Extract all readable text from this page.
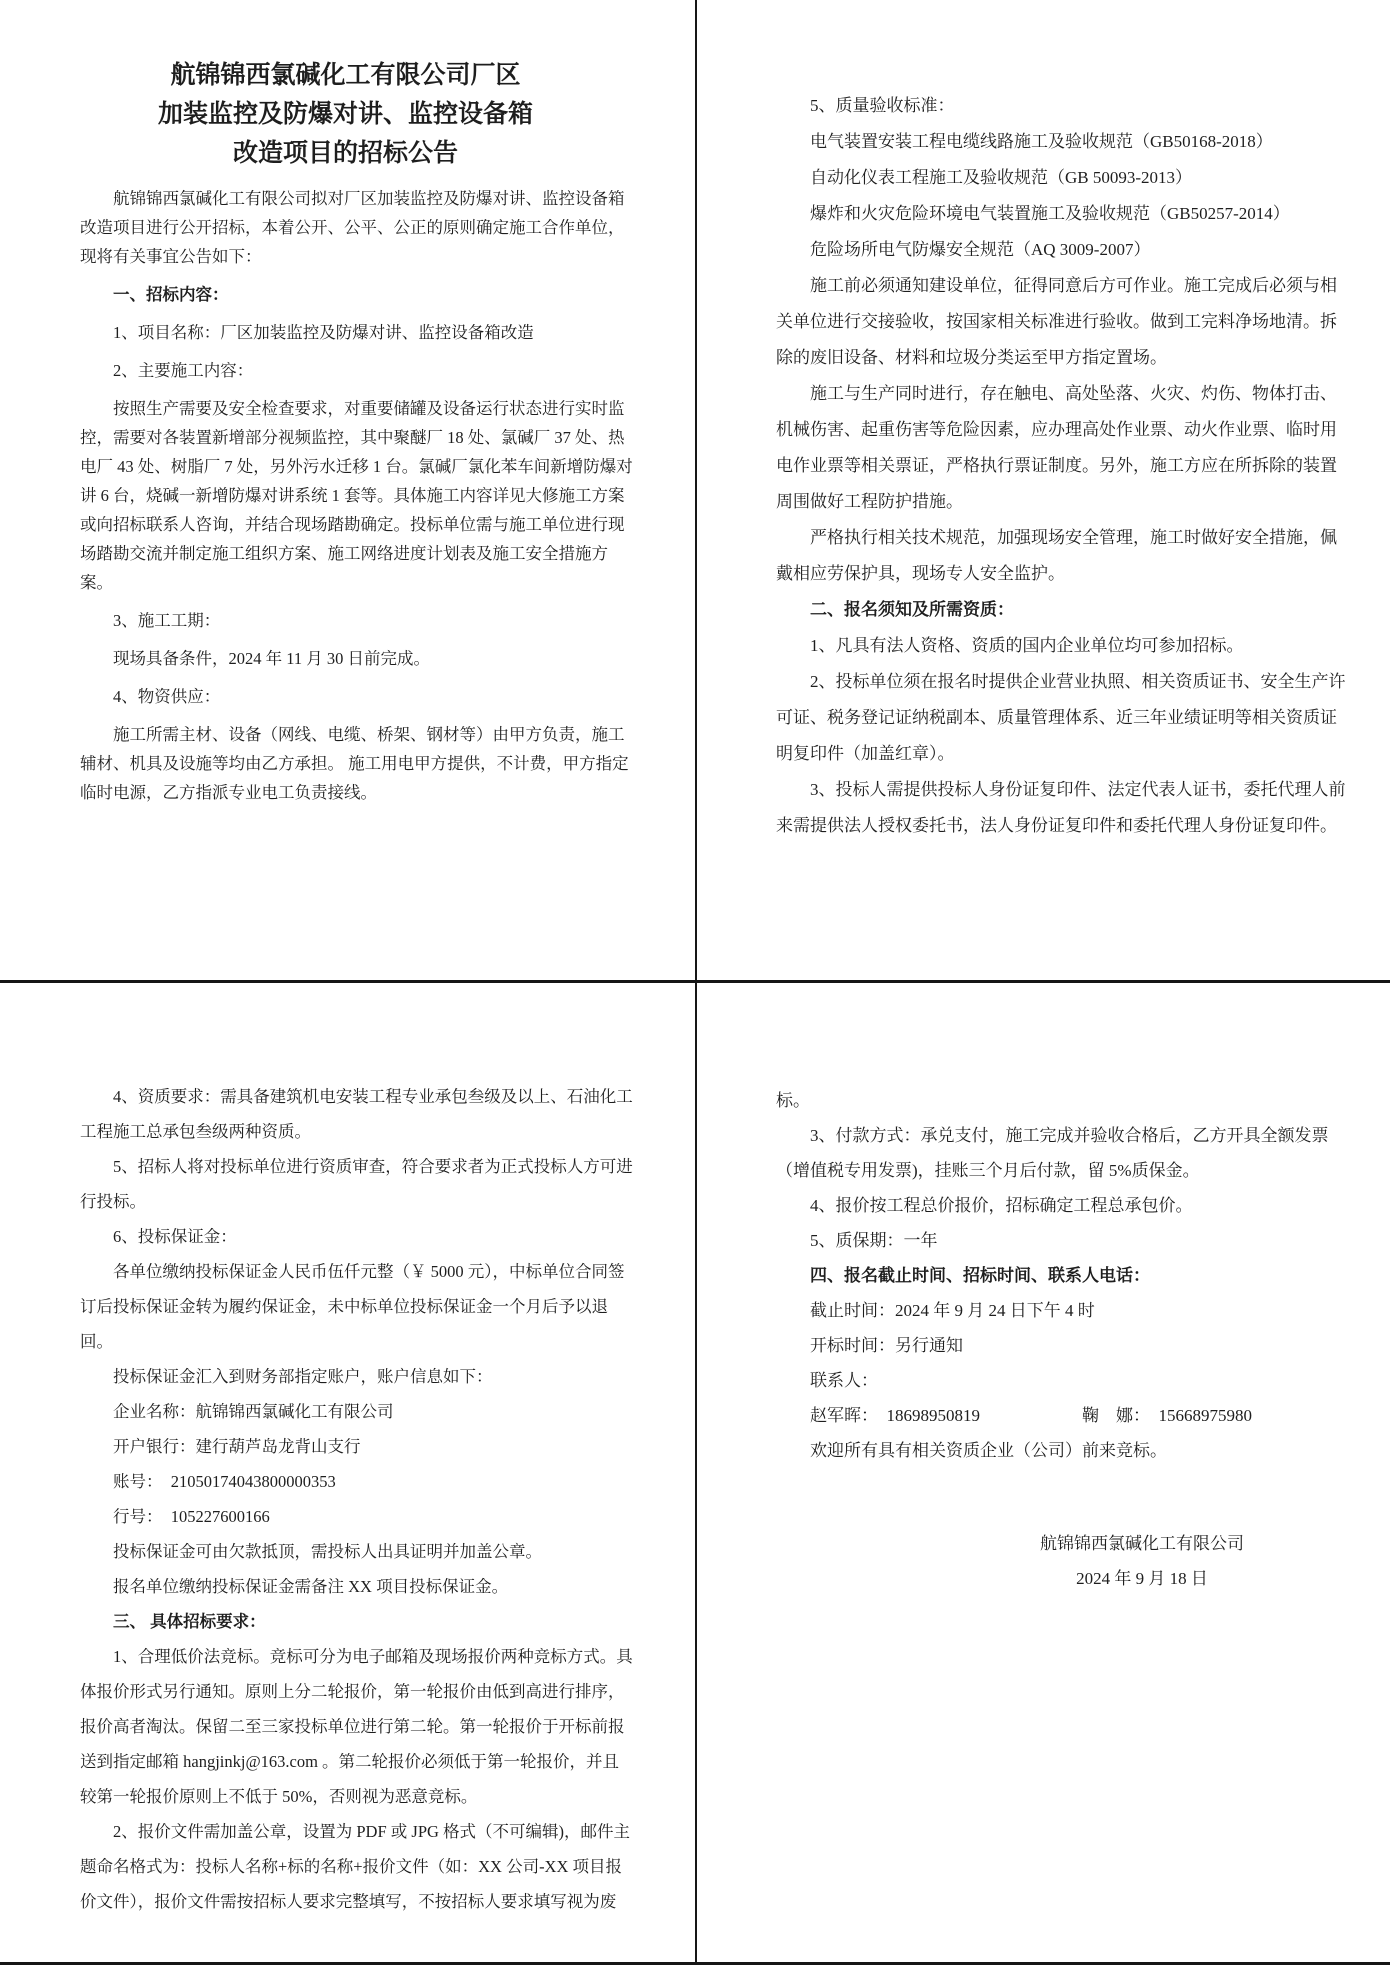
航锦锦西氯碱化工有限公司厂区

加装监控及防爆对讲、监控设备箱

改造项目的招标公告

航锦锦西氯碱化工有限公司拟对厂区加装监控及防爆对讲、监控设备箱改造项目进行公开招标，本着公开、公平、公正的原则确定施工合作单位，现将有关事宜公告如下：

一、招标内容：

1、项目名称：厂区加装监控及防爆对讲、监控设备箱改造

2、主要施工内容：

按照生产需要及安全检查要求，对重要储罐及设备运行状态进行实时监控，需要对各装置新增部分视频监控，其中聚醚厂 18 处、氯碱厂 37 处、热电厂 43 处、树脂厂 7 处，另外污水迁移 1 台。氯碱厂氯化苯车间新增防爆对讲 6 台，烧碱一新增防爆对讲系统 1 套等。具体施工内容详见大修施工方案或向招标联系人咨询，并结合现场踏勘确定。投标单位需与施工单位进行现场踏勘交流并制定施工组织方案、施工网络进度计划表及施工安全措施方案。

3、施工工期：

现场具备条件，2024 年 11 月 30 日前完成。

4、物资供应：

施工所需主材、设备（网线、电缆、桥架、钢材等）由甲方负责，施工辅材、机具及设施等均由乙方承担。 施工用电甲方提供，不计费，甲方指定临时电源，乙方指派专业电工负责接线。

5、质量验收标准：

电气装置安装工程电缆线路施工及验收规范（GB50168-2018）

自动化仪表工程施工及验收规范（GB 50093-2013）

爆炸和火灾危险环境电气装置施工及验收规范（GB50257-2014）

危险场所电气防爆安全规范（AQ 3009-2007）

施工前必须通知建设单位，征得同意后方可作业。施工完成后必须与相关单位进行交接验收，按国家相关标准进行验收。做到工完料净场地清。拆除的废旧设备、材料和垃圾分类运至甲方指定置场。

施工与生产同时进行，存在触电、高处坠落、火灾、灼伤、物体打击、机械伤害、起重伤害等危险因素，应办理高处作业票、动火作业票、临时用电作业票等相关票证，严格执行票证制度。另外，施工方应在所拆除的装置周围做好工程防护措施。

严格执行相关技术规范，加强现场安全管理，施工时做好安全措施，佩戴相应劳保护具，现场专人安全监护。

二、报名须知及所需资质：

1、凡具有法人资格、资质的国内企业单位均可参加招标。

2、投标单位须在报名时提供企业营业执照、相关资质证书、安全生产许可证、税务登记证纳税副本、质量管理体系、近三年业绩证明等相关资质证明复印件（加盖红章）。

3、投标人需提供投标人身份证复印件、法定代表人证书，委托代理人前来需提供法人授权委托书，法人身份证复印件和委托代理人身份证复印件。

4、资质要求：需具备建筑机电安装工程专业承包叁级及以上、石油化工工程施工总承包叁级两种资质。

5、招标人将对投标单位进行资质审查，符合要求者为正式投标人方可进行投标。

6、投标保证金：

各单位缴纳投标保证金人民币伍仟元整（￥ 5000 元），中标单位合同签订后投标保证金转为履约保证金，未中标单位投标保证金一个月后予以退回。

投标保证金汇入到财务部指定账户，账户信息如下：

企业名称：航锦锦西氯碱化工有限公司

开户银行：建行葫芦岛龙背山支行

账号：  21050174043800000353

行号：  105227600166

投标保证金可由欠款抵顶，需投标人出具证明并加盖公章。

报名单位缴纳投标保证金需备注 XX 项目投标保证金。

三、 具体招标要求：

1、合理低价法竞标。竞标可分为电子邮箱及现场报价两种竞标方式。具体报价形式另行通知。原则上分二轮报价，第一轮报价由低到高进行排序，报价高者淘汰。保留二至三家投标单位进行第二轮。第一轮报价于开标前报送到指定邮箱 hangjinkj@163.com 。第二轮报价必须低于第一轮报价，并且较第一轮报价原则上不低于 50%，否则视为恶意竞标。

2、报价文件需加盖公章，设置为 PDF 或 JPG 格式（不可编辑)，邮件主题命名格式为：投标人名称+标的名称+报价文件（如：XX 公司-XX 项目报价文件），报价文件需按招标人要求完整填写，不按招标人要求填写视为废

标。

3、付款方式：承兑支付，施工完成并验收合格后，乙方开具全额发票（增值税专用发票)，挂账三个月后付款，留 5%质保金。

4、报价按工程总价报价，招标确定工程总承包价。

5、质保期：一年

四、报名截止时间、招标时间、联系人电话：

截止时间：2024 年 9 月 24 日下午 4 时

开标时间：另行通知

联系人：

赵军晖：  18698950819　　　　　　鞠　娜：  15668975980

欢迎所有具有相关资质企业（公司）前来竞标。

航锦锦西氯碱化工有限公司

2024 年 9 月 18 日
